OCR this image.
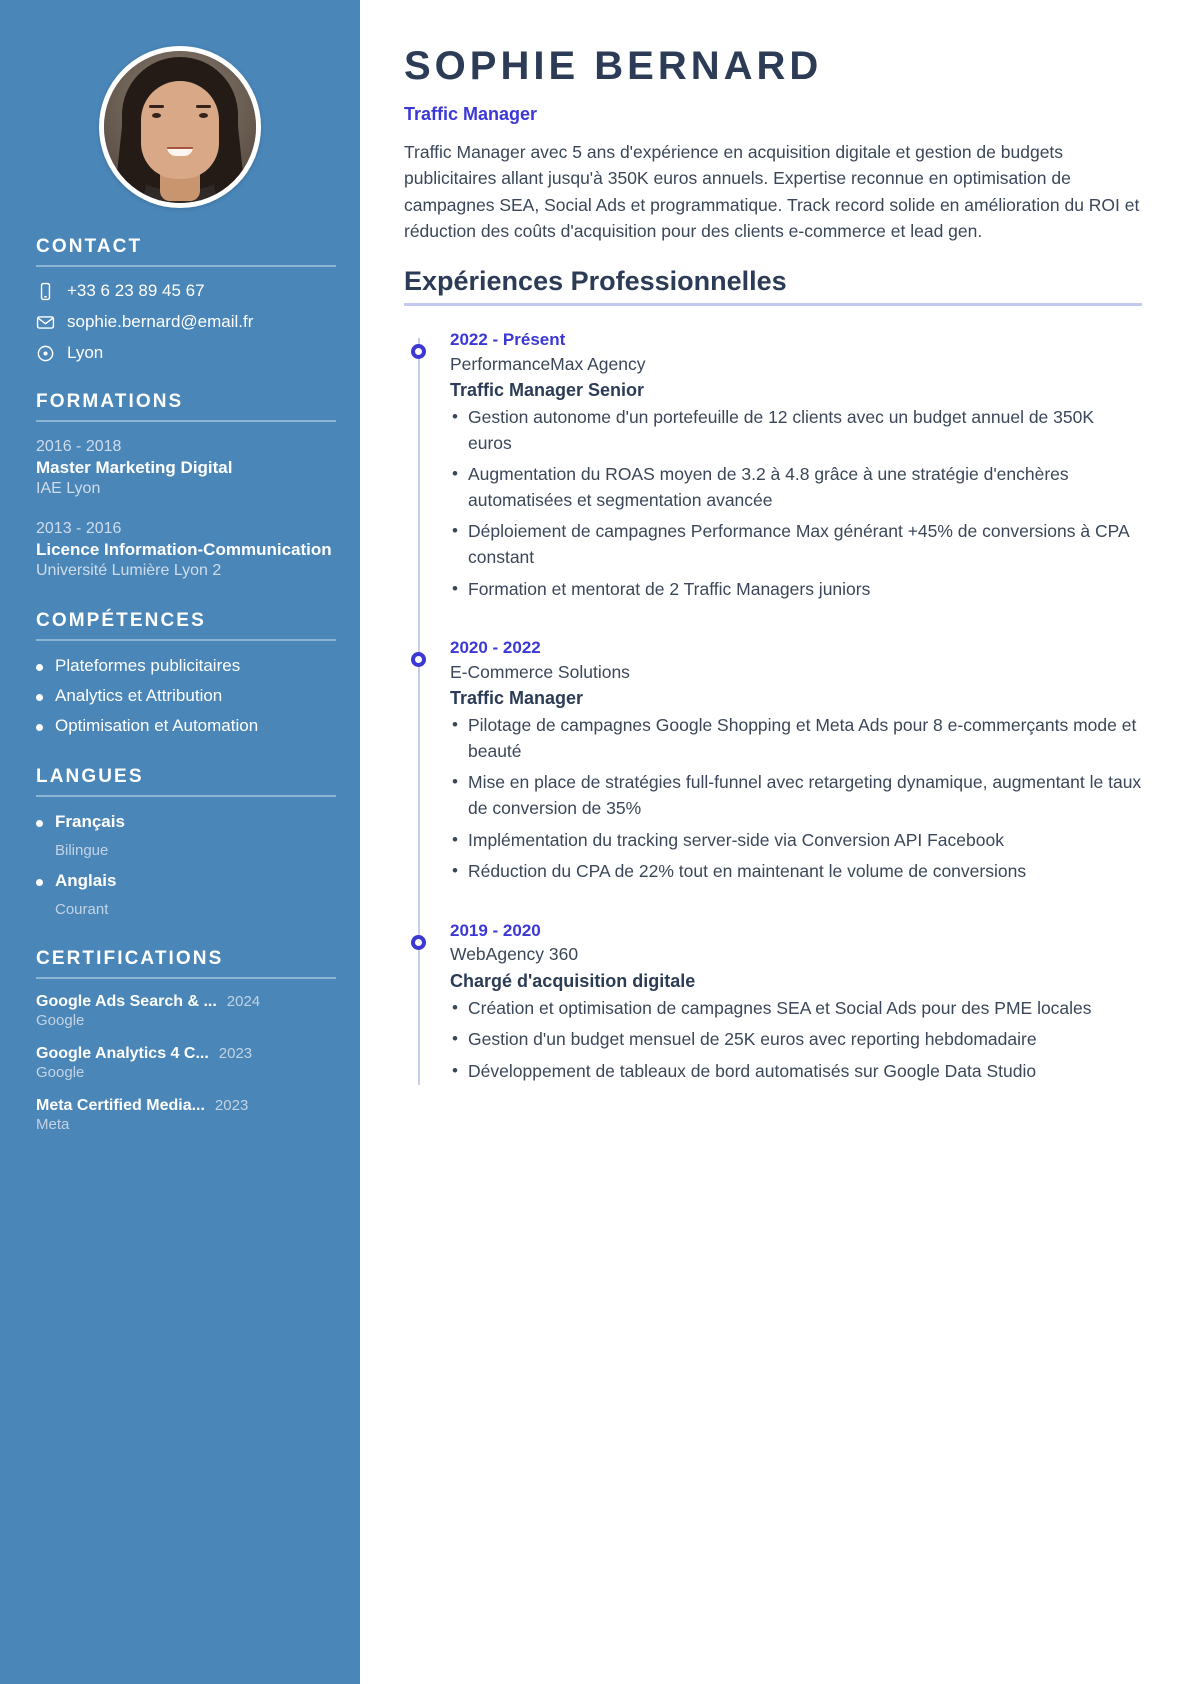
CONTACT
+33 6 23 89 45 67
sophie.bernard@email.fr
Lyon
FORMATIONS
2016 - 2018
Master Marketing Digital
IAE Lyon
2013 - 2016
Licence Information-Communication
Université Lumière Lyon 2
COMPÉTENCES
Plateformes publicitaires
Analytics et Attribution
Optimisation et Automation
LANGUES
Français
Bilingue
Anglais
Courant
CERTIFICATIONS
Google Ads Search & ... 2024
Google
Google Analytics 4 C... 2023
Google
Meta Certified Media... 2023
Meta
SOPHIE BERNARD
Traffic Manager

Traffic Manager avec 5 ans d'expérience en acquisition digitale et gestion de budgets publicitaires allant jusqu'à 350K euros annuels. Expertise reconnue en optimisation de campagnes SEA, Social Ads et programmatique. Track record solide en amélioration du ROI et réduction des coûts d'acquisition pour des clients e-commerce et lead gen.

Expériences Professionnelles
2022 - Présent
PerformanceMax Agency
Traffic Manager Senior
• Gestion autonome d'un portefeuille de 12 clients avec un budget annuel de 350K euros
• Augmentation du ROAS moyen de 3.2 à 4.8 grâce à une stratégie d'enchères automatisées et segmentation avancée
• Déploiement de campagnes Performance Max générant +45% de conversions à CPA constant
• Formation et mentorat de 2 Traffic Managers juniors
2020 - 2022
E-Commerce Solutions
Traffic Manager
• Pilotage de campagnes Google Shopping et Meta Ads pour 8 e-commerçants mode et beauté
• Mise en place de stratégies full-funnel avec retargeting dynamique, augmentant le taux de conversion de 35%
• Implémentation du tracking server-side via Conversion API Facebook
• Réduction du CPA de 22% tout en maintenant le volume de conversions
2019 - 2020
WebAgency 360
Chargé d'acquisition digitale
• Création et optimisation de campagnes SEA et Social Ads pour des PME locales
• Gestion d'un budget mensuel de 25K euros avec reporting hebdomadaire
• Développement de tableaux de bord automatisés sur Google Data Studio
